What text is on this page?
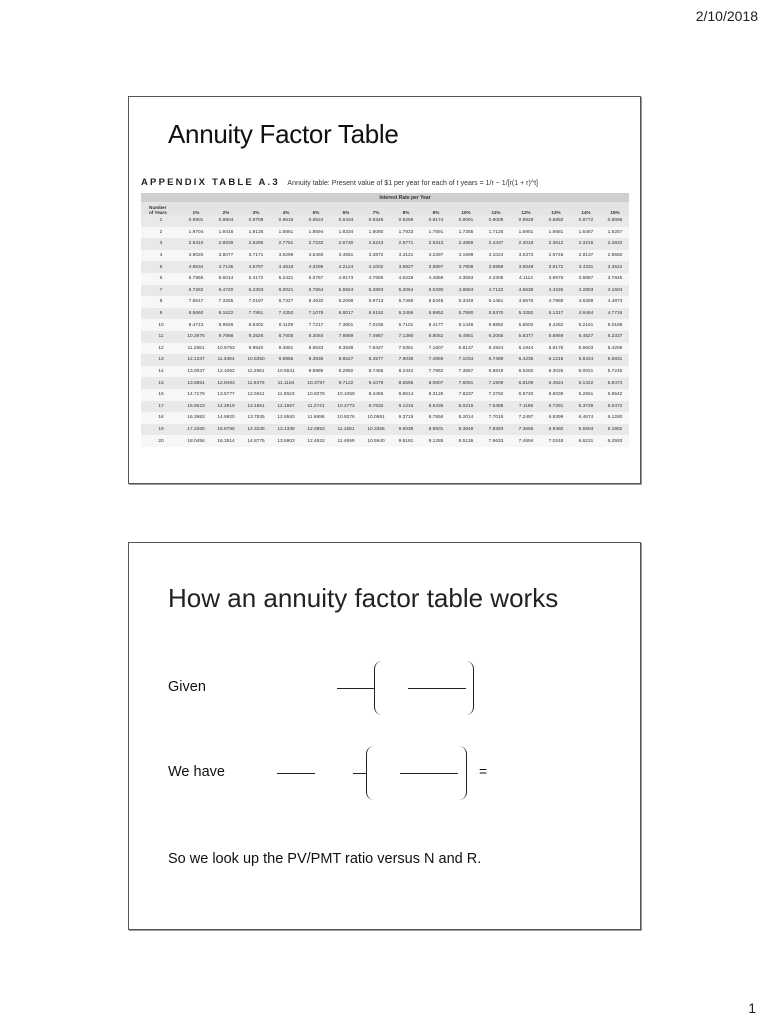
2/10/2018
Annuity Factor Table
APPENDIX TABLE A.3 Annuity table: Present value of $1 per year for each of t years = 1/r − 1/[r(1 + r)^t]
	Interest Rate per Year														
Number
of Years	1%	2%	3%	4%	5%	6%	7%	8%	9%	10%	11%	12%	13%	14%	15%
1	0.9901	0.9804	0.9709	0.9615	0.9524	0.9434	0.9346	0.9259	0.9174	0.9091	0.9009	0.8929	0.8850	0.8772	0.8696
2	1.9704	1.9416	1.9135	1.8861	1.8594	1.8334	1.8080	1.7833	1.7591	1.7355	1.7125	1.6901	1.6681	1.6467	1.6257
3	2.9410	2.8839	2.8286	2.7751	2.7232	2.6730	2.6243	2.5771	2.5313	2.4869	2.4437	2.4018	2.3612	2.3216	2.2832
4	3.9020	3.8077	3.7171	3.6299	3.5460	3.4651	3.3872	3.3121	3.2397	3.1699	3.1024	3.0373	2.9745	2.9137	2.8550
5	4.8534	4.7135	4.5797	4.4518	4.3295	4.2124	4.1002	3.9927	3.8897	3.7908	3.6959	3.6048	3.5172	3.4331	3.3522
6	5.7955	5.6014	5.4172	5.2421	5.0757	4.9173	4.7665	4.6229	4.4859	4.3553	4.2305	4.1114	3.9975	3.8887	3.7845
7	6.7282	6.4720	6.2303	6.0021	5.7864	5.5824	5.3893	5.2064	5.0330	4.8684	4.7122	4.5638	4.4226	4.2883	4.1604
8	7.6517	7.3255	7.0197	6.7327	6.4632	6.2098	5.9713	5.7466	5.5348	5.3349	5.1461	4.9676	4.7988	4.6389	4.4873
9	8.5660	8.1622	7.7861	7.4353	7.1078	6.8017	6.5152	6.2469	5.9952	5.7590	5.5370	5.3282	5.1317	4.9464	4.7716
10	9.4713	8.9826	8.5302	8.1109	7.7217	7.3601	7.0236	6.7101	6.4177	6.1446	5.8892	5.6502	5.4262	5.2161	5.0188
11	10.3676	9.7868	9.2526	8.7605	8.3064	7.8869	7.4987	7.1390	6.8052	6.4951	6.2065	5.9377	5.6869	5.4527	5.2337
12	11.2551	10.5753	9.9540	9.3851	8.8633	8.3838	7.9427	7.5361	7.1607	6.8137	6.4924	6.1944	5.9176	5.6603	5.4206
13	12.1337	11.3484	10.6350	9.9856	9.3936	8.8527	8.3577	7.9038	7.4869	7.1034	6.7499	6.4235	6.1218	5.8424	5.5831
14	13.0037	12.1062	11.2961	10.5631	9.8986	9.2950	8.7455	8.2442	7.7862	7.3667	6.9819	6.6282	6.3025	6.0021	5.7245
15	13.8651	12.8493	11.9379	11.1184	10.3797	9.7122	9.1079	8.5595	8.0607	7.6061	7.1909	6.8109	6.4624	6.1422	5.8474
16	14.7179	13.5777	12.5611	11.6523	10.8378	10.1059	9.4466	8.8514	8.3126	7.8237	7.3792	6.9740	6.6039	6.2651	5.9542
17	15.5623	14.2919	13.1661	12.1657	11.2741	10.4773	9.7632	9.1216	8.5436	8.0216	7.5488	7.1196	6.7291	6.3729	6.0472
18	16.3983	14.9920	13.7535	12.6593	11.6896	10.8276	10.0591	9.3719	8.7556	8.2014	7.7016	7.2497	6.8399	6.4674	6.1280
19	17.2260	15.6785	14.3238	13.1339	12.0853	11.1581	10.3356	9.6036	8.9501	8.3649	7.8393	7.3658	6.9380	6.5504	6.1982
20	18.0456	16.3514	14.8775	13.5903	12.4622	11.4699	10.5940	9.8181	9.1285	8.5136	7.9633	7.4694	7.0248	6.6231	6.2593
How an annuity factor table works
Given
We have	=
So we look up the PV/PMT ratio versus N and R.
1
